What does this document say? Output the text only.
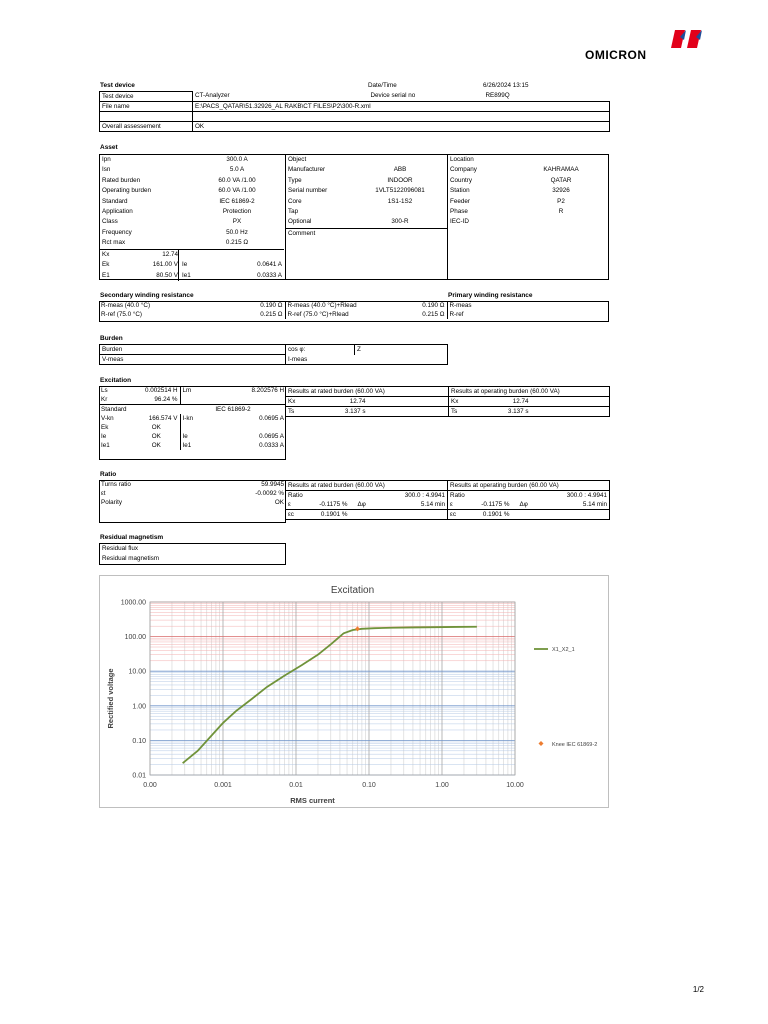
OMICRON
Test device	Date/Time	6/26/2024 13:15
Test device	CT-Analyzer	Device serial no	RE899Q
File name	E:\PACS_QATAR\51.32926_AL RAKB\CT FILES\P2\300-R.xml		

Overall assessement	OK		
Asset
Ipn	300.0 A
Isn	5.0 A
Rated burden	60.0 VA /1.00
Operating burden	60.0 VA /1.00
Standard	IEC 61869-2
Application	Protection
Class	PX
Frequency	50.0 Hz
Rct max	0.215 Ω
Kx	12.74
Ek	161.00 V Ie	0.0641 A
E1	80.50 V Ie1	0.0333 A
Object
Manufacturer	ABB
Type	INDOOR
Serial number	1VLT5122096081
Core	1S1-1S2
Tap
Optional	300-R
Comment
Location
Company	KAHRAMAA
Country	QATAR
Station	32926
Feeder	P2
Phase	R
IEC-ID
Secondary winding resistance	Primary winding resistance
R-meas (40.0 °C)	0.190 Ω	R-meas (40.0 °C)+Rlead	0.190 Ω	R-meas
R-ref (75.0 °C)	0.215 Ω	R-ref (75.0 °C)+Rlead	0.215 Ω	R-ref
Burden
Burden	cos φ:	Z
V-meas	I-meas	
Excitation
Ls	0.002514 H	Lm	8.202576 H
Kr	96.24 %		
Standard		IEC 61869-2	
V-kn	166.574 V	I-kn	0.0695 A
Ek	OK		
Ie	OK	Ie	0.0695 A
Ie1	OK	Ie1	0.0333 A
Results at rated burden (60.00 VA)			Results at operating burden (60.00 VA)		
Kx	12.74		Kx	12.74	
Ts	3.137 s		Ts	3.137 s	
Ratio
Turns ratio	59.9945
εt	-0.0092 %
Polarity	OK

Results at rated burden (60.00 VA)			Results at operating burden (60.00 VA)		
Ratio		300.0 : 4.9941	Ratio		300.0 : 4.9941
ε	-0.1175 %	Δφ 5.14 min	ε	-0.1175 %	Δφ 5.14 min

εc	0.1901 %		εc	0.1901 %	
Residual magnetism
Residual flux
Residual magnetism
0.00	0.001	0.01	0.10	1.00	10.00
0.01
0.10
1.00
10.00
100.00
1000.00
Excitation
RMS current
Rectified voltage
X1_X2_1
Knee IEC 61869-2
1/2
